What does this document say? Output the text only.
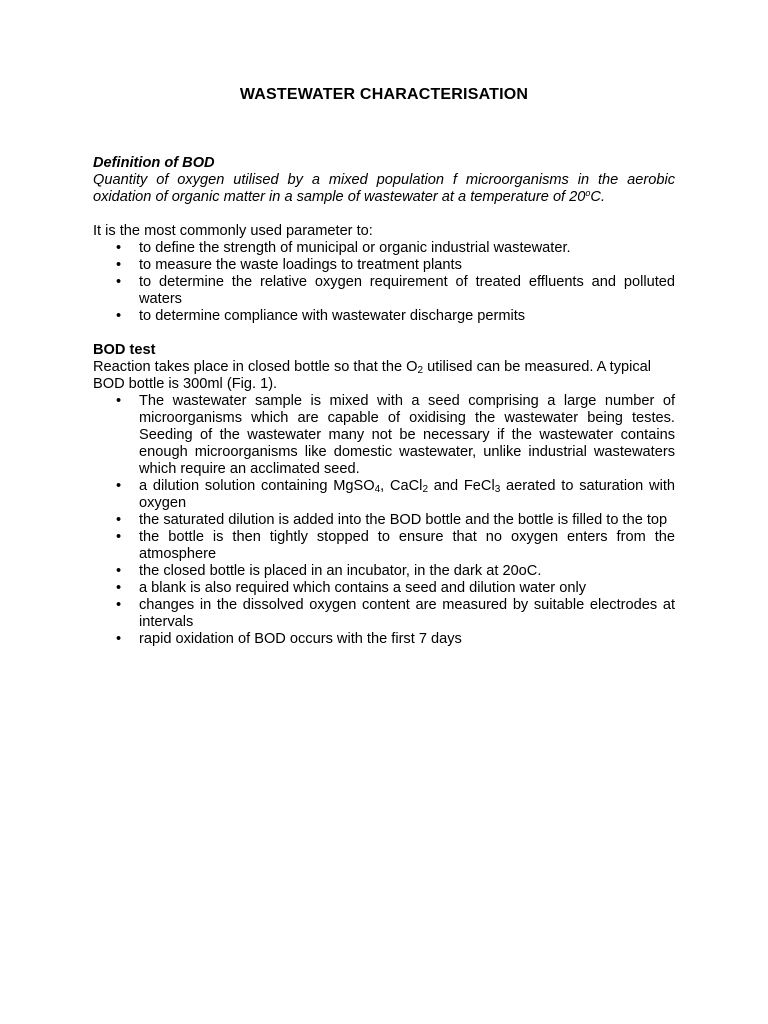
WASTEWATER CHARACTERISATION
Definition of BOD

Quantity of oxygen utilised by a mixed population f microorganisms in the aerobic oxidation of organic matter in a sample of wastewater at a temperature of 20$^o$C.

It is the most commonly used parameter to:

• to define the strength of municipal or organic industrial wastewater.
• to measure the waste loadings to treatment plants
• to determine the relative oxygen requirement of treated effluents and polluted waters
• to determine compliance with wastewater discharge permits
BOD test

Reaction takes place in closed bottle so that the $O_2$ utilised can be measured. A typical BOD bottle is 300ml (Fig. 1).

• The wastewater sample is mixed with a seed comprising a large number of microorganisms which are capable of oxidising the wastewater being testes. Seeding of the wastewater many not be necessary if the wastewater contains enough microorganisms like domestic wastewater, unlike industrial wastewaters which require an acclimated seed.
• a dilution solution containing MgSO$_4$, CaCl$_2$ and FeCl$_3$ aerated to saturation with oxygen
• the saturated dilution is added into the BOD bottle and the bottle is filled to the top
• the bottle is then tightly stopped to ensure that no oxygen enters from the atmosphere
• the closed bottle is placed in an incubator, in the dark at 20oC.
• a blank is also required which contains a seed and dilution water only
• changes in the dissolved oxygen content are measured by suitable electrodes at intervals
• rapid oxidation of BOD occurs with the first 7 days
